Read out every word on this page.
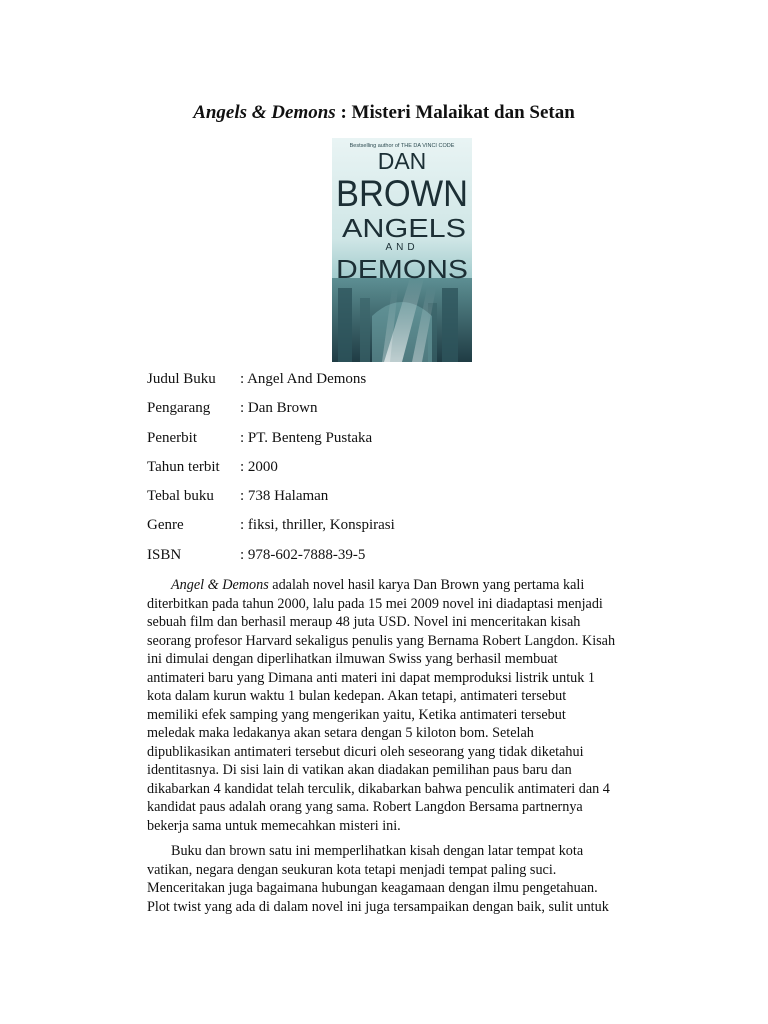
Angels & Demons : Misteri Malaikat dan Setan
Bestselling author of THE DA VINCI CODE
DAN
BROWN
ANGELS
AND
DEMONS
Judul Buku	: Angel And Demons
Pengarang	: Dan Brown
Penerbit	: PT. Benteng Pustaka
Tahun terbit	: 2000
Tebal buku	: 738 Halaman
Genre	: fiksi, thriller, Konspirasi
ISBN	: 978-602-7888-39-5
Angel & Demons adalah novel hasil karya Dan Brown yang pertama kali
diterbitkan pada tahun 2000, lalu pada 15 mei 2009 novel ini diadaptasi menjadi
sebuah film dan berhasil meraup 48 juta USD. Novel ini menceritakan kisah
seorang profesor Harvard sekaligus penulis yang Bernama Robert Langdon. Kisah
ini dimulai dengan diperlihatkan ilmuwan Swiss yang berhasil membuat
antimateri baru yang Dimana anti materi ini dapat memproduksi listrik untuk 1
kota dalam kurun waktu 1 bulan kedepan. Akan tetapi, antimateri tersebut
memiliki efek samping yang mengerikan yaitu, Ketika antimateri tersebut
meledak maka ledakanya akan setara dengan 5 kiloton bom. Setelah
dipublikasikan antimateri tersebut dicuri oleh seseorang yang tidak diketahui
identitasnya. Di sisi lain di vatikan akan diadakan pemilihan paus baru dan
dikabarkan 4 kandidat telah terculik, dikabarkan bahwa penculik antimateri dan 4
kandidat paus adalah orang yang sama. Robert Langdon Bersama partnernya
bekerja sama untuk memecahkan misteri ini.
Buku dan brown satu ini memperlihatkan kisah dengan latar tempat kota
vatikan, negara dengan seukuran kota tetapi menjadi tempat paling suci.
Menceritakan juga bagaimana hubungan keagamaan dengan ilmu pengetahuan.
Plot twist yang ada di dalam novel ini juga tersampaikan dengan baik, sulit untuk
